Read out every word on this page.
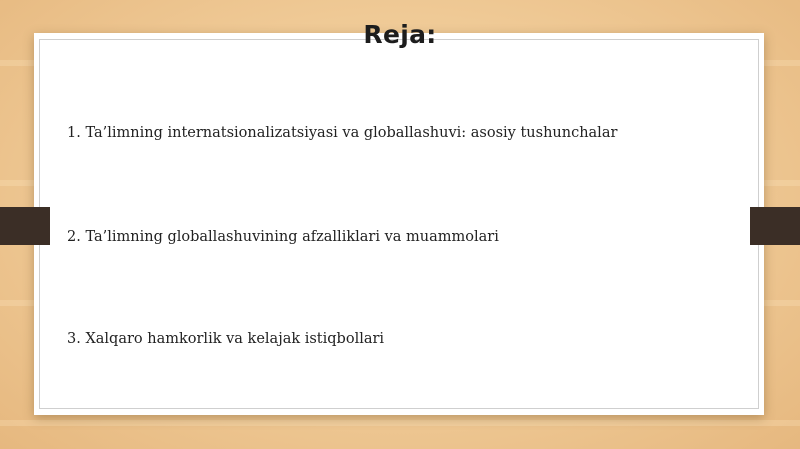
Reja:
1. Ta’limning internatsionalizatsiyasi va globallashuvi: asosiy tushunchalar
2. Ta’limning globallashuvining afzalliklari va muammolari
3. Xalqaro hamkorlik va kelajak istiqbollari
